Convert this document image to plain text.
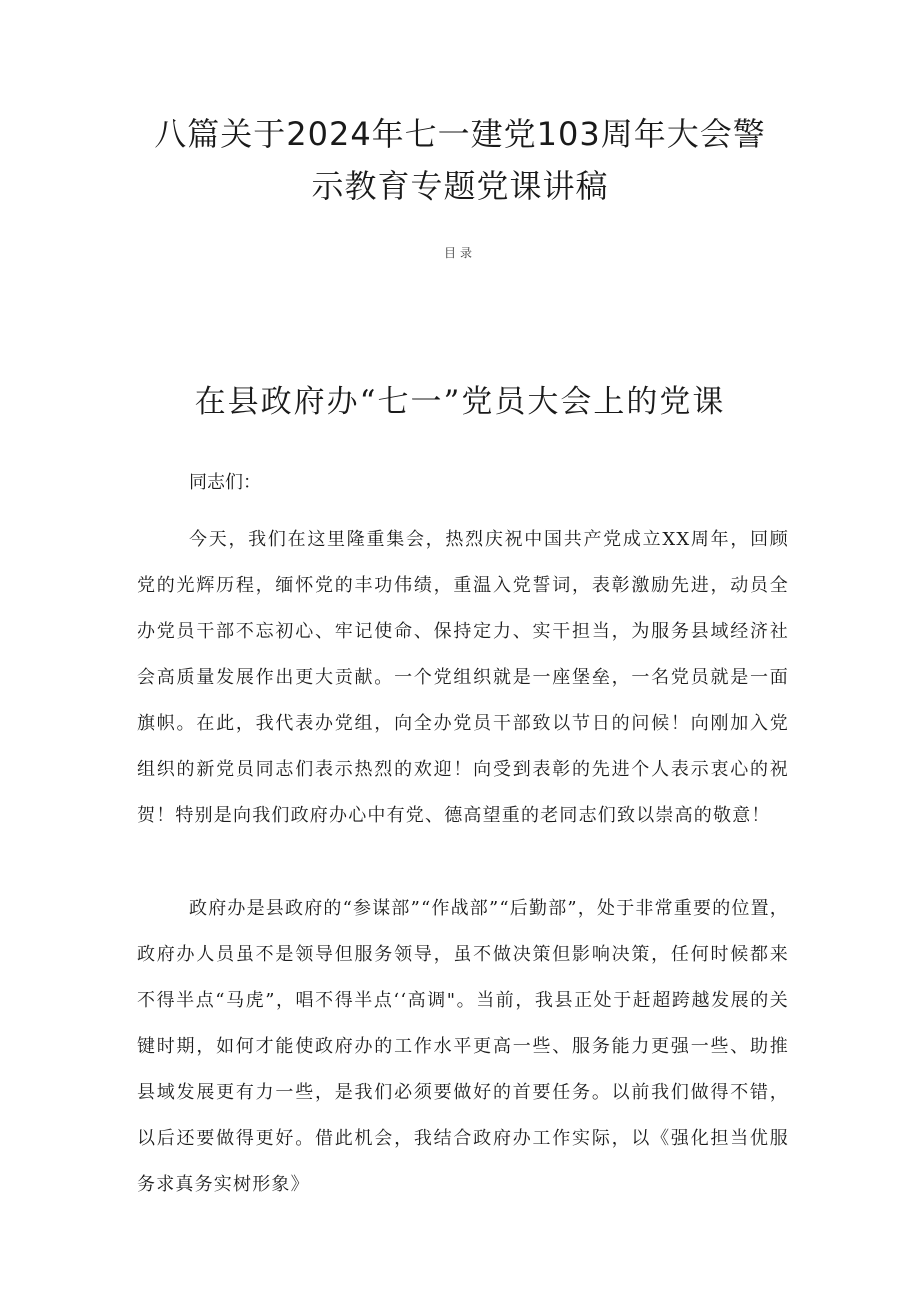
八篇关于2024年七一建党103周年大会警
示教育专题党课讲稿
目录
在县政府办“七一”党员大会上的党课
同志们：

今天，我们在这里隆重集会，热烈庆祝中国共产党成立XX周年，回顾党的光辉历程，缅怀党的丰功伟绩，重温入党誓词，表彰激励先进，动员全办党员干部不忘初心、牢记使命、保持定力、实干担当，为服务县域经济社会高质量发展作出更大贡献。一个党组织就是一座堡垒，一名党员就是一面旗帜。在此，我代表办党组，向全办党员干部致以节日的问候！向刚加入党组织的新党员同志们表示热烈的欢迎！向受到表彰的先进个人表示衷心的祝贺！特别是向我们政府办心中有党、德高望重的老同志们致以崇高的敬意！

政府办是县政府的“参谋部”“作战部”“后勤部”，处于非常重要的位置，政府办人员虽不是领导但服务领导，虽不做决策但影响决策，任何时候都来不得半点“马虎”，唱不得半点‘‘高调"。当前，我县正处于赶超跨越发展的关键时期，如何才能使政府办的工作水平更高一些、服务能力更强一些、助推县域发展更有力一些，是我们必须要做好的首要任务。以前我们做得不错，以后还要做得更好。借此机会，我结合政府办工作实际，以《强化担当优服务求真务实树形象》
